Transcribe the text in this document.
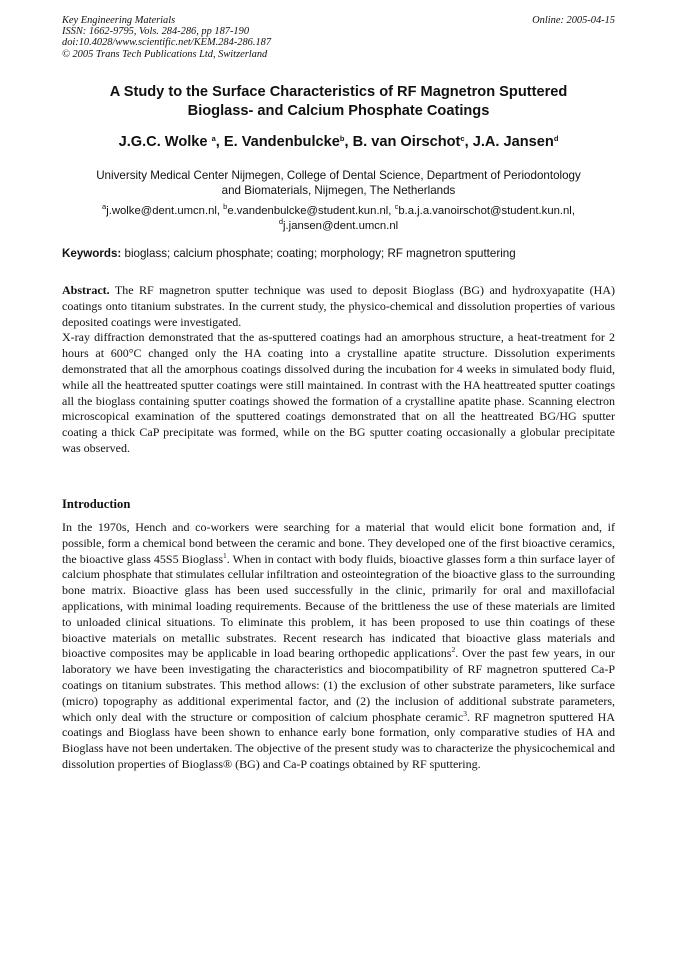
Key Engineering Materials
ISSN: 1662-9795, Vols. 284-286, pp 187-190
doi:10.4028/www.scientific.net/KEM.284-286.187
© 2005 Trans Tech Publications Ltd, Switzerland
Online: 2005-04-15
A Study to the Surface Characteristics of RF Magnetron Sputtered
Bioglass- and Calcium Phosphate Coatings
J.G.C. Wolke $^a$, E. Vandenbulcke$^b$, B. van Oirschot$^c$, J.A. Jansen$^d$
University Medical Center Nijmegen, College of Dental Science, Department of Periodontology
and Biomaterials, Nijmegen, The Netherlands
$^a$j.wolke@dent.umcn.nl, $^b$e.vandenbulcke@student.kun.nl, $^c$b.a.j.a.vanoirschot@student.kun.nl,
$^d$j.jansen@dent.umcn.nl
Keywords: bioglass; calcium phosphate; coating; morphology; RF magnetron sputtering

Abstract. The RF magnetron sputter technique was used to deposit Bioglass (BG) and hydroxyapatite (HA) coatings onto titanium substrates. In the current study, the physico-chemical and dissolution properties of various deposited coatings were investigated.

X-ray diffraction demonstrated that the as-sputtered coatings had an amorphous structure, a heat-treatment for 2 hours at 600°C changed only the HA coating into a crystalline apatite structure. Dissolution experiments demonstrated that all the amorphous coatings dissolved during the incubation for 4 weeks in simulated body fluid, while all the heattreated sputter coatings were still maintained. In contrast with the HA heattreated sputter coatings all the bioglass containing sputter coatings showed the formation of a crystalline apatite phase. Scanning electron microscopical examination of the sputtered coatings demonstrated that on all the heattreated BG/HG sputter coating a thick CaP precipitate was formed, while on the BG sputter coating occasionally a globular precipitate was observed.

Introduction

In the 1970s, Hench and co-workers were searching for a material that would elicit bone formation and, if possible, form a chemical bond between the ceramic and bone. They developed one of the first bioactive ceramics, the bioactive glass 45S5 Bioglass$^1$. When in contact with body fluids, bioactive glasses form a thin surface layer of calcium phosphate that stimulates cellular infiltration and osteointegration of the bioactive glass to the surrounding bone matrix. Bioactive glass has been used successfully in the clinic, primarily for oral and maxillofacial applications, with minimal loading requirements. Because of the brittleness the use of these materials are limited to unloaded clinical situations. To eliminate this problem, it has been proposed to use thin coatings of these bioactive materials on metallic substrates. Recent research has indicated that bioactive glass materials and bioactive composites may be applicable in load bearing orthopedic applications$^2$. Over the past few years, in our laboratory we have been investigating the characteristics and biocompatibility of RF magnetron sputtered Ca-P coatings on titanium substrates. This method allows: (1) the exclusion of other substrate parameters, like surface (micro) topography as additional experimental factor, and (2) the inclusion of additional substrate parameters, which only deal with the structure or composition of calcium phosphate ceramic$^3$. RF magnetron sputtered HA coatings and Bioglass have been shown to enhance early bone formation, only comparative studies of HA and Bioglass have not been undertaken. The objective of the present study was to characterize the physicochemical and dissolution properties of Bioglass® (BG) and Ca-P coatings obtained by RF sputtering.
